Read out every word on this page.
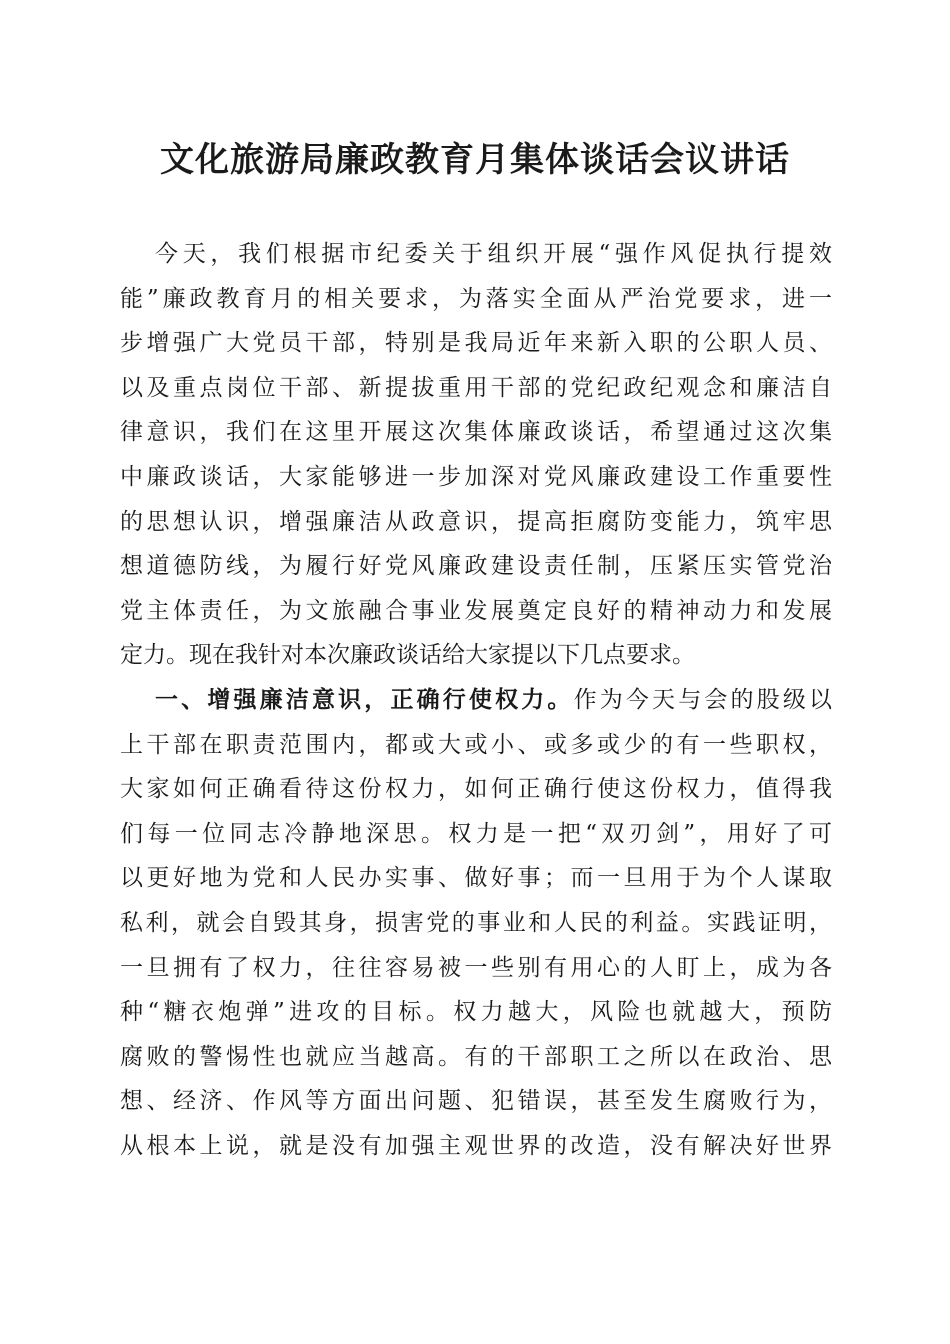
文化旅游局廉政教育月集体谈话会议讲话
今天，我们根据市纪委关于组织开展“强作风促执行提效
能”廉政教育月的相关要求，为落实全面从严治党要求，进一
步增强广大党员干部，特别是我局近年来新入职的公职人员、
以及重点岗位干部、新提拔重用干部的党纪政纪观念和廉洁自
律意识，我们在这里开展这次集体廉政谈话，希望通过这次集
中廉政谈话，大家能够进一步加深对党风廉政建设工作重要性
的思想认识，增强廉洁从政意识，提高拒腐防变能力，筑牢思
想道德防线，为履行好党风廉政建设责任制，压紧压实管党治
党主体责任，为文旅融合事业发展奠定良好的精神动力和发展
定力。现在我针对本次廉政谈话给大家提以下几点要求。
一、增强廉洁意识，正确行使权力。作为今天与会的股级以
上干部在职责范围内，都或大或小、或多或少的有一些职权，
大家如何正确看待这份权力，如何正确行使这份权力，值得我
们每一位同志冷静地深思。权力是一把“双刃剑”，用好了可
以更好地为党和人民办实事、做好事；而一旦用于为个人谋取
私利，就会自毁其身，损害党的事业和人民的利益。实践证明，
一旦拥有了权力，往往容易被一些别有用心的人盯上，成为各
种“糖衣炮弹”进攻的目标。权力越大，风险也就越大，预防
腐败的警惕性也就应当越高。有的干部职工之所以在政治、思
想、经济、作风等方面出问题、犯错误，甚至发生腐败行为，
从根本上说，就是没有加强主观世界的改造，没有解决好世界
